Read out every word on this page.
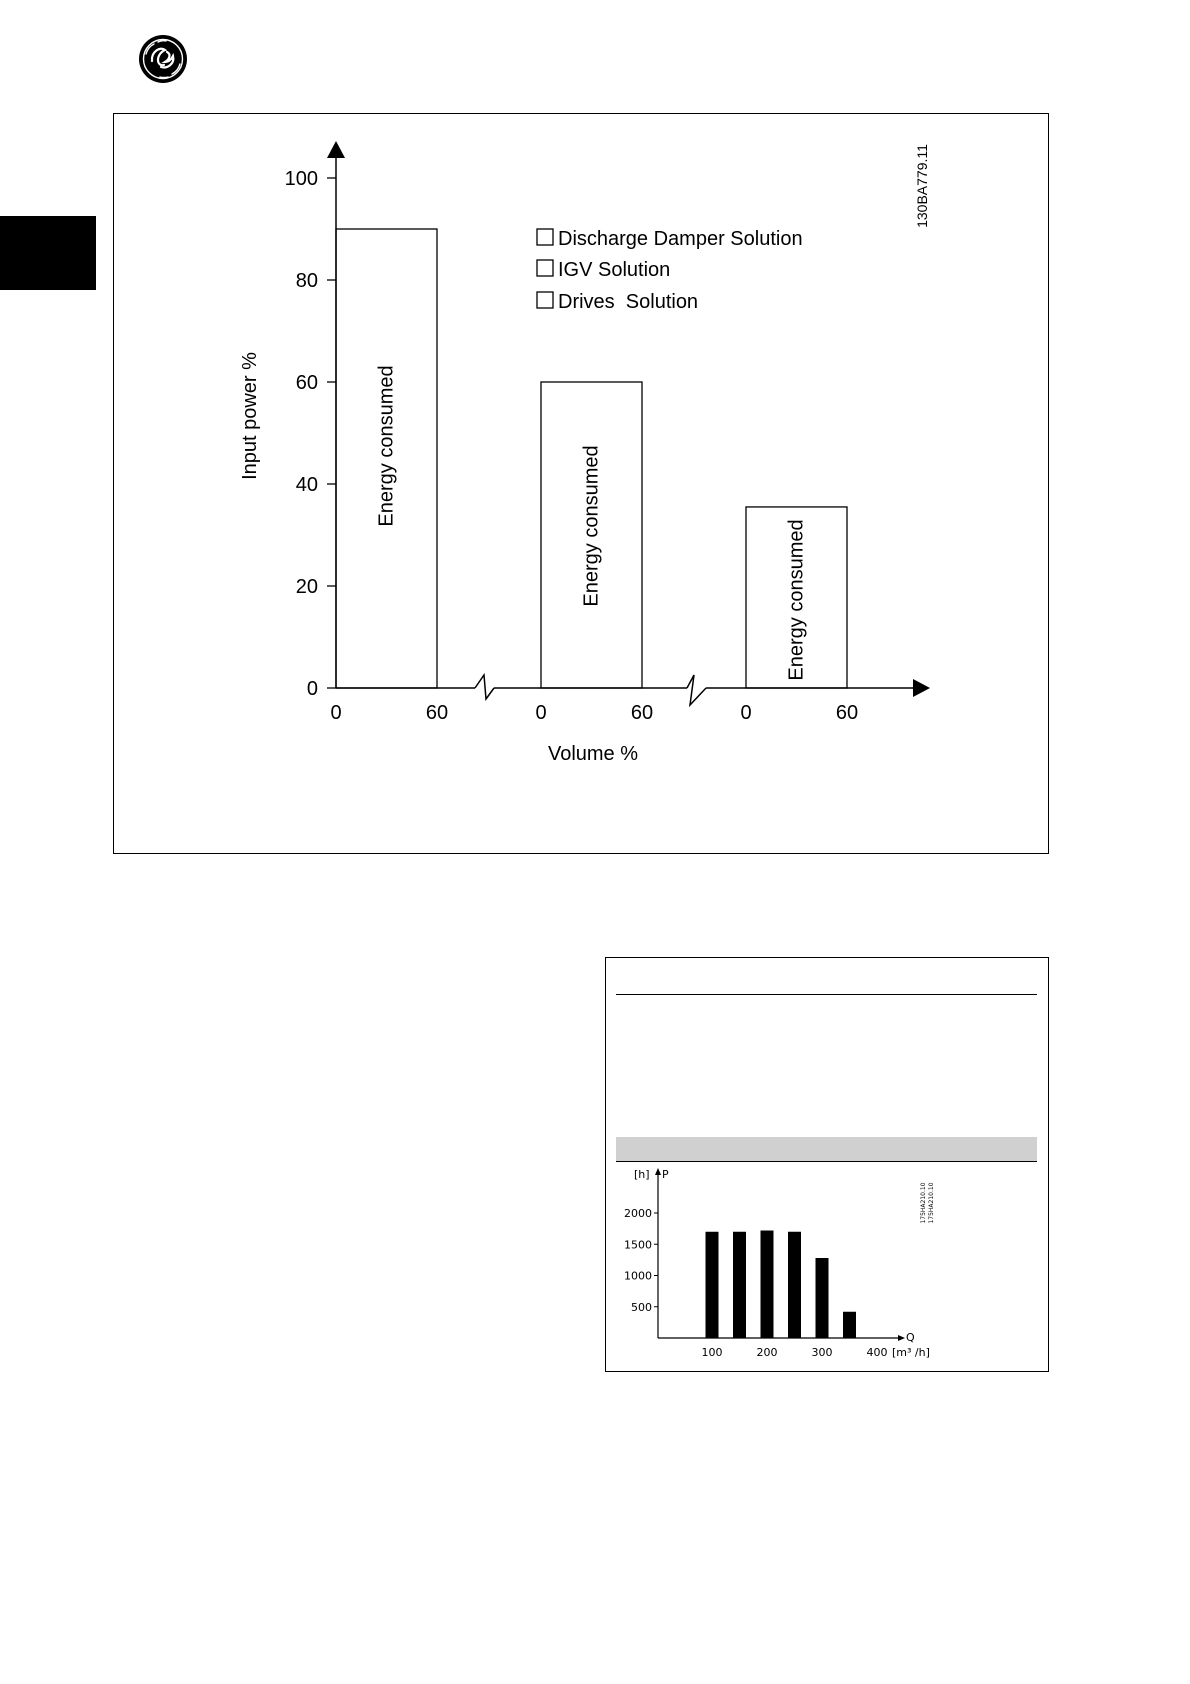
0
20
40
60
80
100
Energy consumed	Energy consumed	Energy consumed
0	60	0	60	0	60
Input power %
Volume %
130BA779.11
Discharge Damper Solution
IGV Solution
Drives  Solution
[h] P
Q
[m³ /h]
500
1000
1500
2000
100	200	300	400
175HA210.10 175HA210.10
